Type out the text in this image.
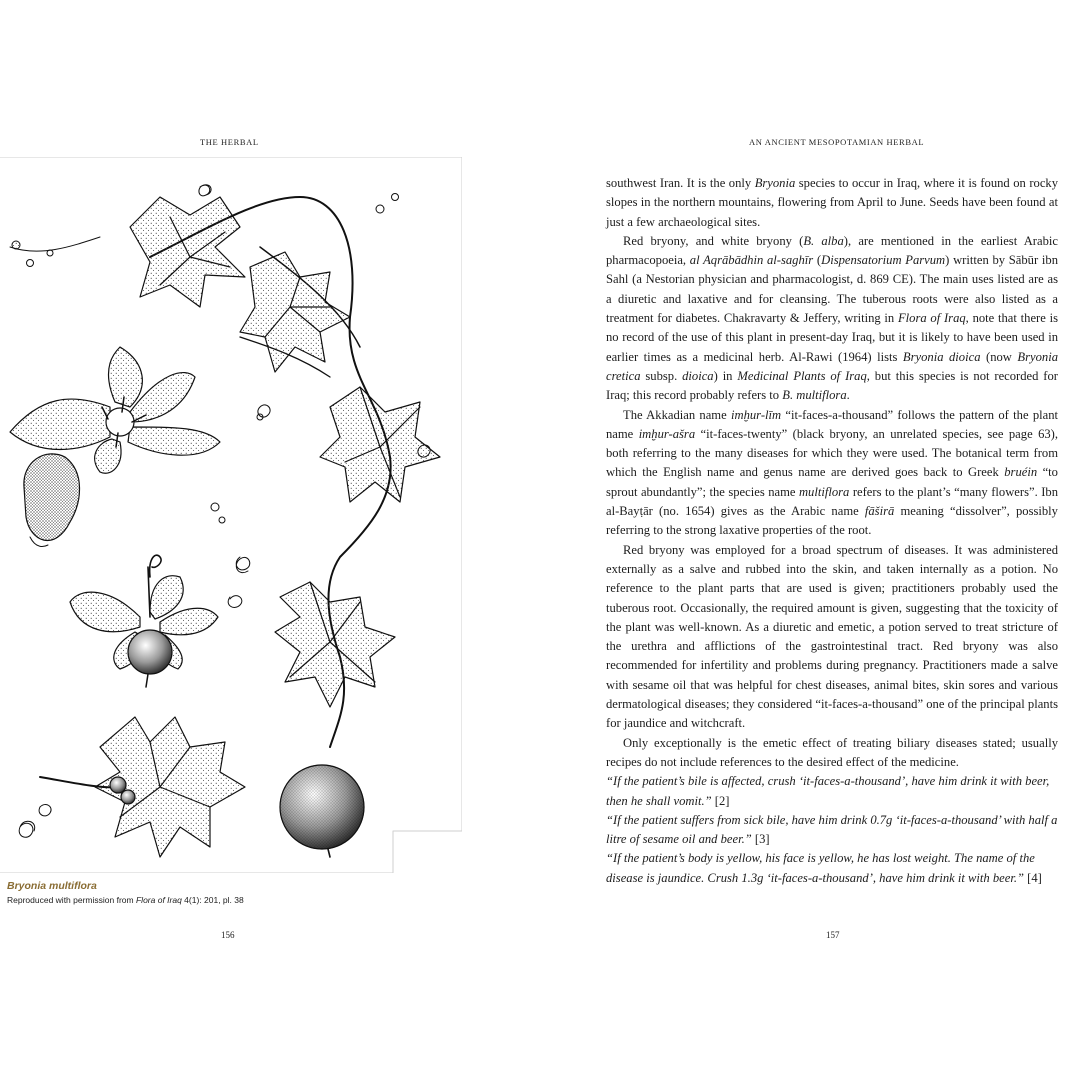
THE HERBAL

Bryonia multiflora

Reproduced with permission from Flora of Iraq 4(1): 201, pl. 38

156
AN ANCIENT MESOPOTAMIAN HERBAL

southwest Iran. It is the only Bryonia species to occur in Iraq, where it is found on rocky slopes in the northern mountains, flowering from April to June. Seeds have been found at just a few archaeological sites.

Red bryony, and white bryony (B. alba), are mentioned in the earliest Arabic pharmacopoeia, al Aqrābādhin al-saghīr (Dispensatorium Parvum) written by Sābūr ibn Sahl (a Nestorian physician and pharmacologist, d. 869 CE). The main uses listed are as a diuretic and laxative and for cleansing. The tuberous roots were also listed as a treatment for diabetes. Chakravarty & Jeffery, writing in Flora of Iraq, note that there is no record of the use of this plant in present-day Iraq, but it is likely to have been used in earlier times as a medicinal herb. Al-Rawi (1964) lists Bryonia dioica (now Bryonia cretica subsp. dioica) in Medicinal Plants of Iraq, but this species is not recorded for Iraq; this record probably refers to B. multiflora.

The Akkadian name imḫur-līm “it-faces-a-thousand” follows the pattern of the plant name imḫur-ašra “it-faces-twenty” (black bryony, an unrelated species, see page 63), both referring to the many diseases for which they were used. The botanical term from which the English name and genus name are derived goes back to Greek bruéin “to sprout abundantly”; the species name multiflora refers to the plant’s “many flowers”. Ibn al-Bayṭār (no. 1654) gives as the Arabic name fāširā meaning “dissolver”, possibly referring to the strong laxative properties of the root.

Red bryony was employed for a broad spectrum of diseases. It was administered externally as a salve and rubbed into the skin, and taken internally as a potion. No reference to the plant parts that are used is given; practitioners probably used the tuberous root. Occasionally, the required amount is given, suggesting that the toxicity of the plant was well-known. As a diuretic and emetic, a potion served to treat stricture of the urethra and afflictions of the gastrointestinal tract. Red bryony was also recommended for infertility and problems during pregnancy. Practitioners made a salve with sesame oil that was helpful for chest diseases, animal bites, skin sores and various dermatological diseases; they considered “it-faces-a-thousand” one of the principal plants for jaundice and witchcraft.

Only exceptionally is the emetic effect of treating biliary diseases stated; usually recipes do not include references to the desired effect of the medicine.

“If the patient’s bile is affected, crush ‘it-faces-a-thousand’, have him drink it with beer, then he shall vomit.” [2]

“If the patient suffers from sick bile, have him drink 0.7g ‘it-faces-a-thousand’ with half a litre of sesame oil and beer.” [3]

“If the patient’s body is yellow, his face is yellow, he has lost weight. The name of the disease is jaundice. Crush 1.3g ‘it-faces-a-thousand’, have him drink it with beer.” [4]

157
